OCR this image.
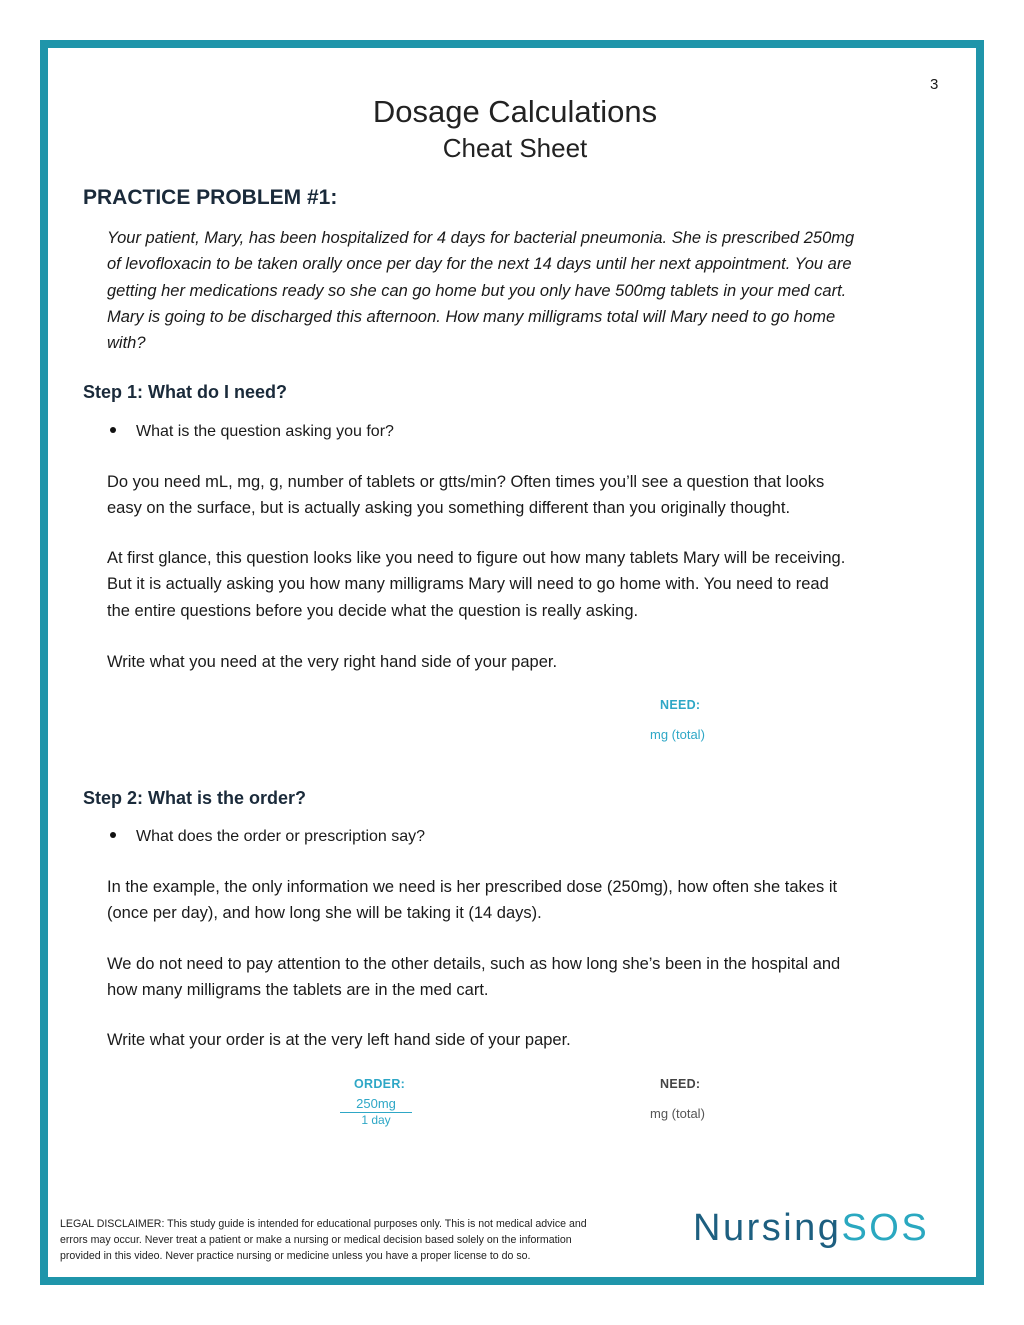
3
Dosage Calculations
Cheat Sheet
PRACTICE PROBLEM #1:
Your patient, Mary, has been hospitalized for 4 days for bacterial pneumonia. She is prescribed 250mg
of levofloxacin to be taken orally once per day for the next 14 days until her next appointment. You are
getting her medications ready so she can go home but you only have 500mg tablets in your med cart.
Mary is going to be discharged this afternoon. How many milligrams total will Mary need to go home
with?
Step 1: What do I need?
What is the question asking you for?
Do you need mL, mg, g, number of tablets or gtts/min? Often times you’ll see a question that looks
easy on the surface, but is actually asking you something different than you originally thought.
At first glance, this question looks like you need to figure out how many tablets Mary will be receiving.
But it is actually asking you how many milligrams Mary will need to go home with. You need to read
the entire questions before you decide what the question is really asking.
Write what you need at the very right hand side of your paper.
NEED:
mg (total)
Step 2: What is the order?
What does the order or prescription say?
In the example, the only information we need is her prescribed dose (250mg), how often she takes it
(once per day), and how long she will be taking it (14 days).
We do not need to pay attention to the other details, such as how long she’s been in the hospital and
how many milligrams the tablets are in the med cart.
Write what your order is at the very left hand side of your paper.
ORDER:
250mg
1 day
NEED:
mg (total)
LEGAL DISCLAIMER: This study guide is intended for educational purposes only. This is not medical advice and
errors may occur. Never treat a patient or make a nursing or medical decision based solely on the information
provided in this video. Never practice nursing or medicine unless you have a proper license to do so.
NursingSOS
